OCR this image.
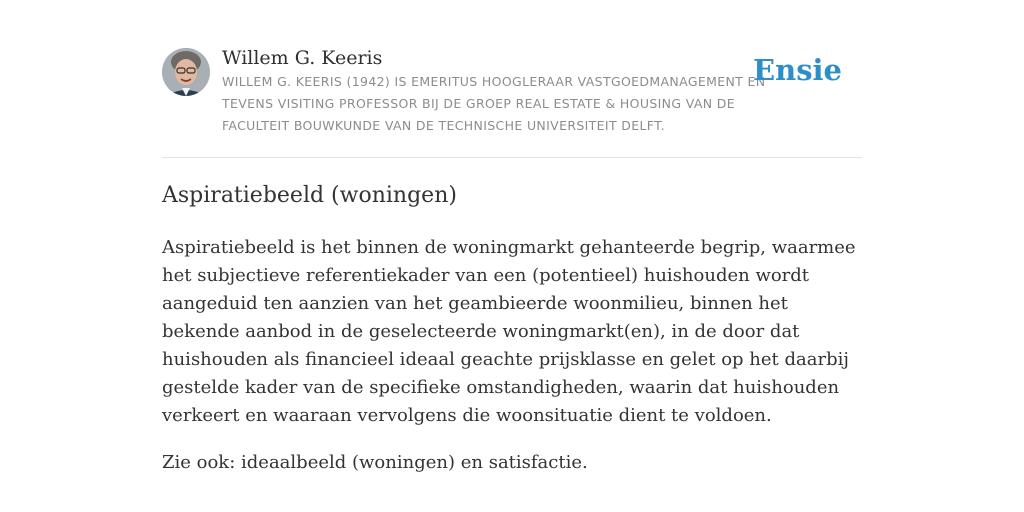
Willem G. Keeris
WILLEM G. KEERIS (1942) IS EMERITUS HOOGLERAAR VASTGOEDMANAGEMENT EN TEVENS VISITING PROFESSOR BIJ DE GROEP REAL ESTATE & HOUSING VAN DE FACULTEIT BOUWKUNDE VAN DE TECHNISCHE UNIVERSITEIT DELFT.
Ensie
Aspiratiebeeld (woningen)

Aspiratiebeeld is het binnen de woningmarkt gehanteerde begrip, waarmee het subjectieve referentiekader van een (potentieel) huishouden wordt aangeduid ten aanzien van het geambieerde woonmilieu, binnen het bekende aanbod in de geselecteerde woningmarkt(en), in de door dat huishouden als financieel ideaal geachte prijsklasse en gelet op het daarbij gestelde kader van de specifieke omstandigheden, waarin dat huishouden verkeert en waaraan vervolgens die woonsituatie dient te voldoen.

Zie ook: ideaalbeeld (woningen) en satisfactie.
